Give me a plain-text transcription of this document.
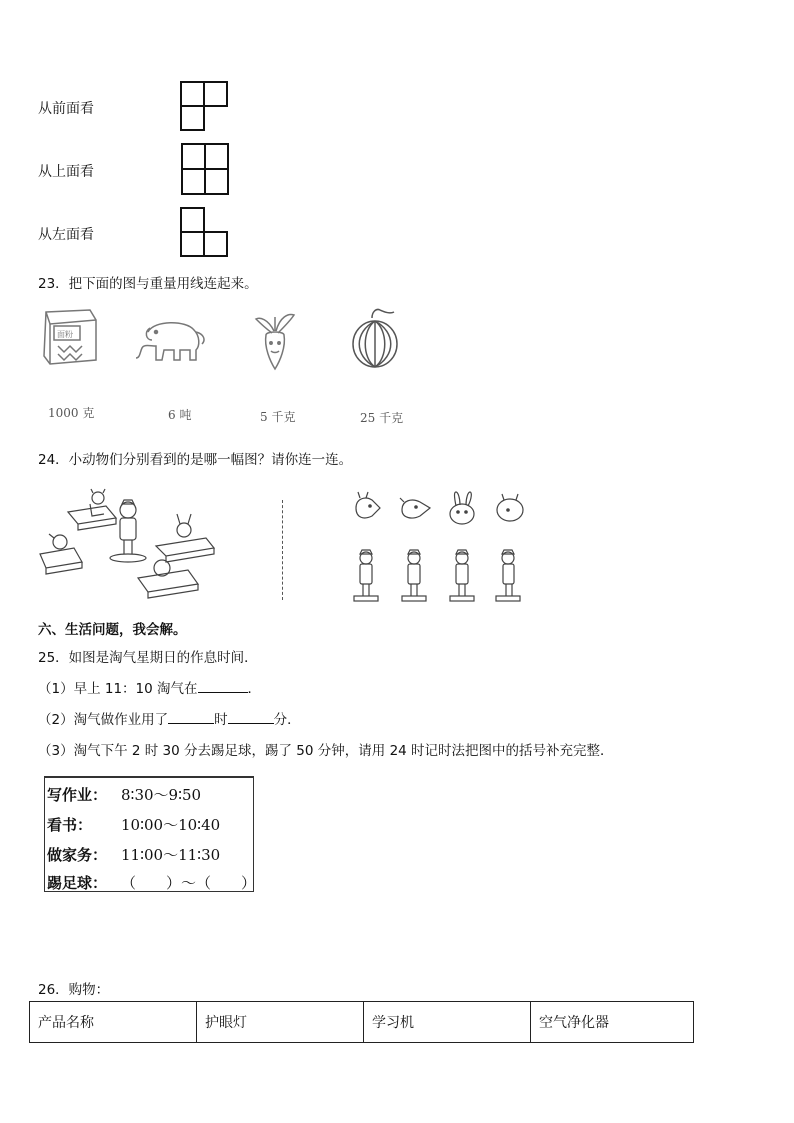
从前面看
从上面看
从左面看
23．把下面的图与重量用线连起来。
面粉
1000 克	6 吨	5 千克	25 千克
24．小动物们分别看到的是哪一幅图？请你连一连。
六、生活问题，我会解。
25．如图是淘气星期日的作息时间．
（1）早上 11：10 淘气在	．
（2）淘气做作业用了	时	分．
（3）淘气下午 2 时 30 分去踢足球，踢了 50 分钟，请用 24 时记时法把图中的括号补充完整．
写作业： 8∶30～9∶50
看书： 10∶00～10∶40
做家务： 11∶00～11∶30
踢足球： （　　）～（　　）
26．购物：
产品名称	护眼灯	学习机	空气净化器
